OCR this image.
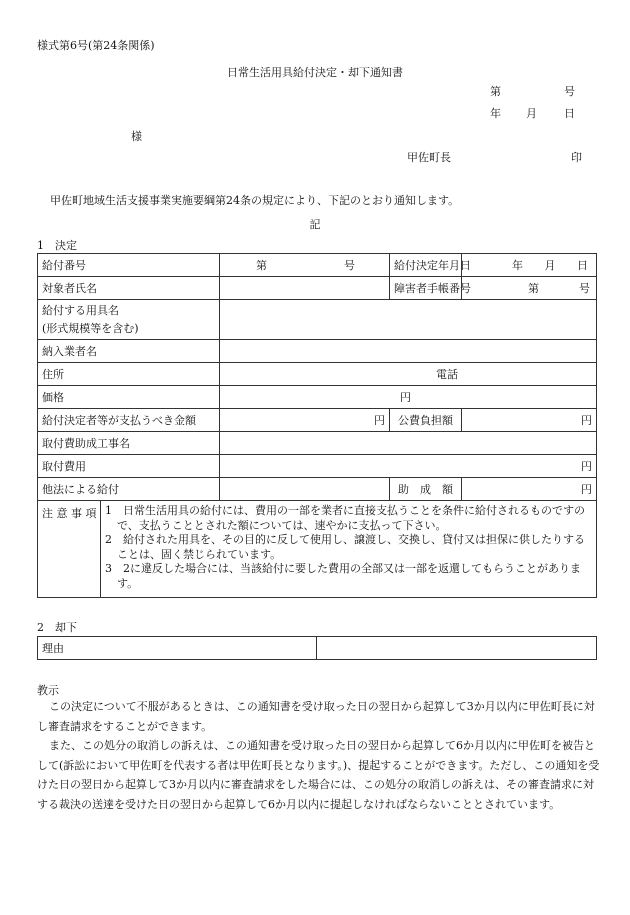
様式第6号(第24条関係)
日常生活用具給付決定・却下通知書
第	号
年 月 日
様
甲佐町長	印
甲佐町地域生活支援事業実施要綱第24条の規定により、下記のとおり通知します。
記
1　決定
給付番号	第 号	給付決定年月日	年 月 日

対象者氏名		障害者手帳番号	第 号

給付する用具名
(形式規模等を含む)			

納入業者名			
住所	電話		
価格	円		
給付決定者等が支払うべき金額	円	公費負担額	円
取付費助成工事名			
取付費用	円		
他法による給付		助　成　額	円

注 意 事 項 1　日常生活用具の給付には、費用の一部を業者に直接支払うことを条件に給付されるものですので、支払うこととされた額については、速やかに支払って下さい。
2　給付された用具を、その目的に反して使用し、譲渡し、交換し、貸付又は担保に供したりすることは、固く禁じられています。
3　2に違反した場合には、当該給付に要した費用の全部又は一部を返還してもらうことがあります。			
2　却下
理由	
教示
この決定について不服があるときは、この通知書を受け取った日の翌日から起算して3か月以内に甲佐町長に対し審査請求をすることができます。
また、この処分の取消しの訴えは、この通知書を受け取った日の翌日から起算して6か月以内に甲佐町を被告として(訴訟において甲佐町を代表する者は甲佐町長となります。)、提起することができます。ただし、この通知を受けた日の翌日から起算して3か月以内に審査請求をした場合には、この処分の取消しの訴えは、その審査請求に対する裁決の送達を受けた日の翌日から起算して6か月以内に提起しなければならないこととされています。
